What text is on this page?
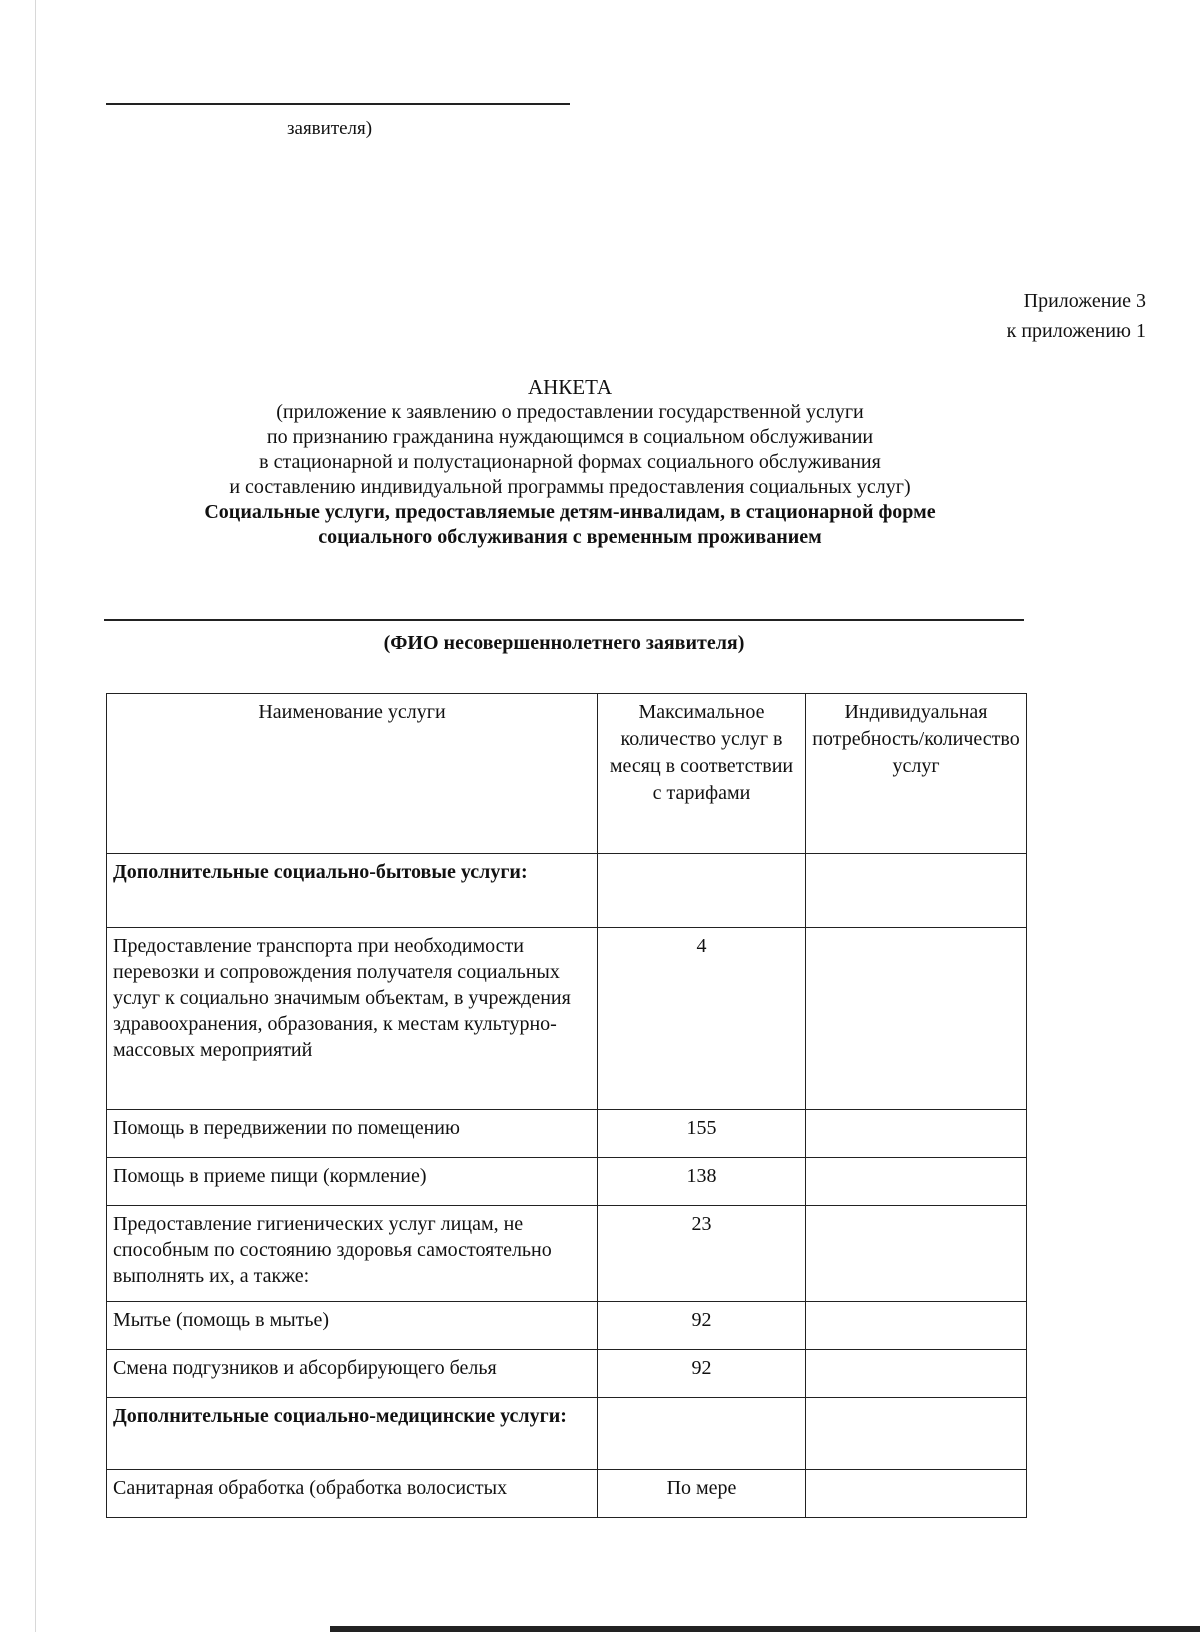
заявителя)
Приложение 3
к приложению 1
АНКЕТА
(приложение к заявлению о предоставлении государственной услуги
по признанию гражданина нуждающимся в социальном обслуживании
в стационарной и полустационарной формах социального обслуживания
и составлению индивидуальной программы предоставления социальных услуг)
Социальные услуги, предоставляемые детям-инвалидам, в стационарной форме
социального обслуживания с временным проживанием
(ФИО несовершеннолетнего заявителя)
Наименование услуги	Максимальное количество услуг в месяц в соответствии с тарифами	Индивидуальная потребность/количество услуг
Дополнительные социально-бытовые услуги:		
Предоставление транспорта при необходимости перевозки и сопровождения получателя социальных услуг к социально значимым объектам, в учреждения здравоохранения, образования, к местам культурно-массовых мероприятий	4	
Помощь в передвижении по помещению	155	
Помощь в приеме пищи (кормление)	138	
Предоставление гигиенических услуг лицам, не способным по состоянию здоровья самостоятельно выполнять их, а также:	23	
Мытье (помощь в мытье)	92	
Смена подгузников и абсорбирующего белья	92	
Дополнительные социально-медицинские услуги:		
Санитарная обработка (обработка волосистых	По мере	
